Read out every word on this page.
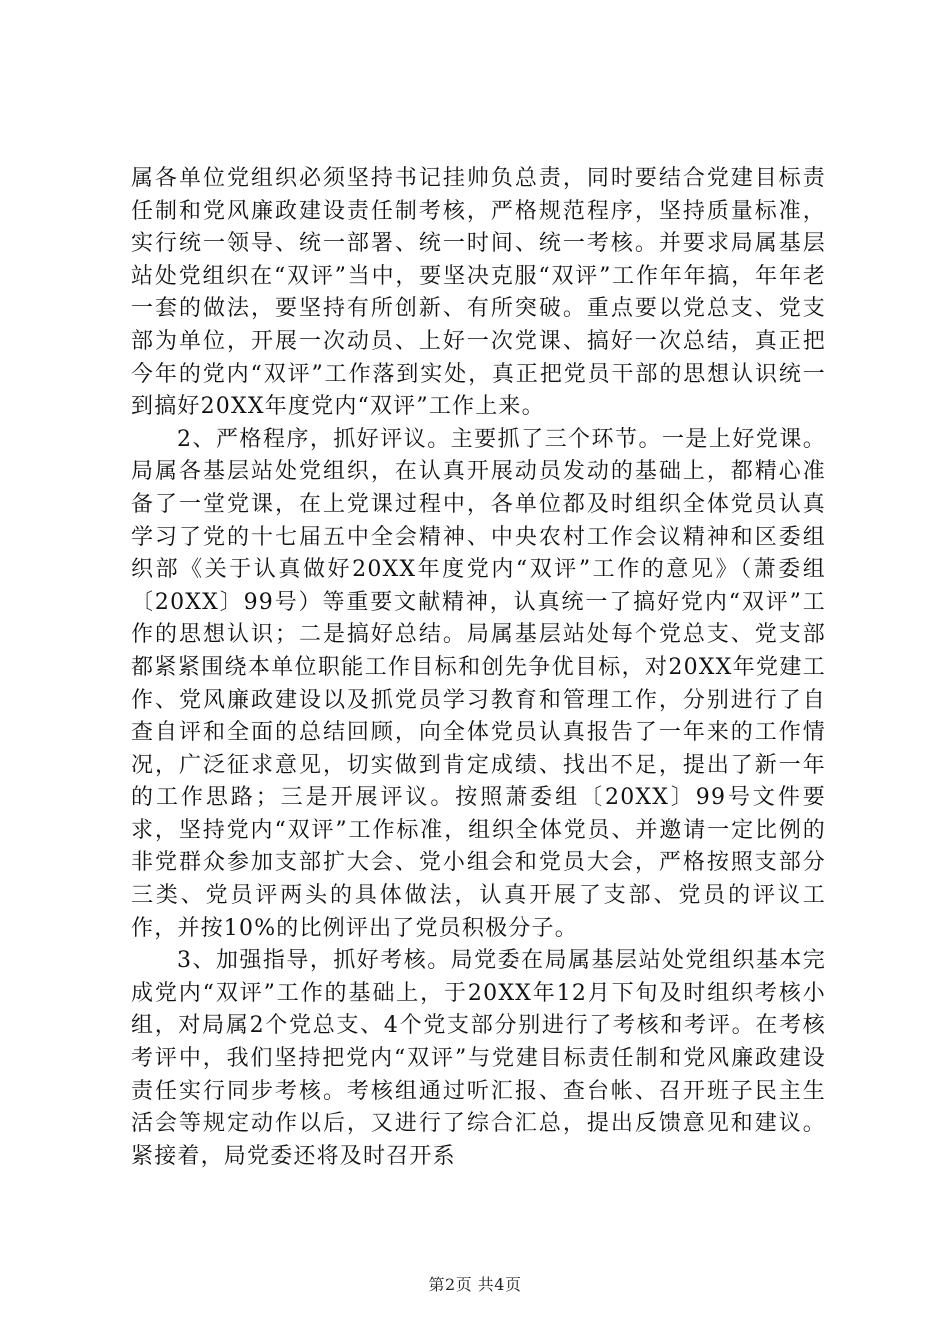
属各单位党组织必须坚持书记挂帅负总责，同时要结合党建目标责任制和党风廉政建设责任制考核，严格规范程序，坚持质量标准，实行统一领导、统一部署、统一时间、统一考核。并要求局属基层站处党组织在“双评”当中，要坚决克服“双评”工作年年搞，年年老一套的做法，要坚持有所创新、有所突破。重点要以党总支、党支部为单位，开展一次动员、上好一次党课、搞好一次总结，真正把今年的党内“双评”工作落到实处，真正把党员干部的思想认识统一到搞好20XX年度党内“双评”工作上来。

2、严格程序，抓好评议。主要抓了三个环节。一是上好党课。局属各基层站处党组织，在认真开展动员发动的基础上，都精心准备了一堂党课，在上党课过程中，各单位都及时组织全体党员认真学习了党的十七届五中全会精神、中央农村工作会议精神和区委组织部《关于认真做好20XX年度党内“双评”工作的意见》（萧委组〔20XX〕99号）等重要文献精神，认真统一了搞好党内“双评”工作的思想认识；二是搞好总结。局属基层站处每个党总支、党支部都紧紧围绕本单位职能工作目标和创先争优目标，对20XX年党建工作、党风廉政建设以及抓党员学习教育和管理工作，分别进行了自查自评和全面的总结回顾，向全体党员认真报告了一年来的工作情况，广泛征求意见，切实做到肯定成绩、找出不足，提出了新一年的工作思路；三是开展评议。按照萧委组〔20XX〕99号文件要求，坚持党内“双评”工作标准，组织全体党员、并邀请一定比例的非党群众参加支部扩大会、党小组会和党员大会，严格按照支部分三类、党员评两头的具体做法，认真开展了支部、党员的评议工作，并按10%的比例评出了党员积极分子。

3、加强指导，抓好考核。局党委在局属基层站处党组织基本完成党内“双评”工作的基础上，于20XX年12月下旬及时组织考核小组，对局属2个党总支、4个党支部分别进行了考核和考评。在考核考评中，我们坚持把党内“双评”与党建目标责任制和党风廉政建设责任实行同步考核。考核组通过听汇报、查台帐、召开班子民主生活会等规定动作以后，又进行了综合汇总，提出反馈意见和建议。紧接着，局党委还将及时召开系

第2页 共4页
